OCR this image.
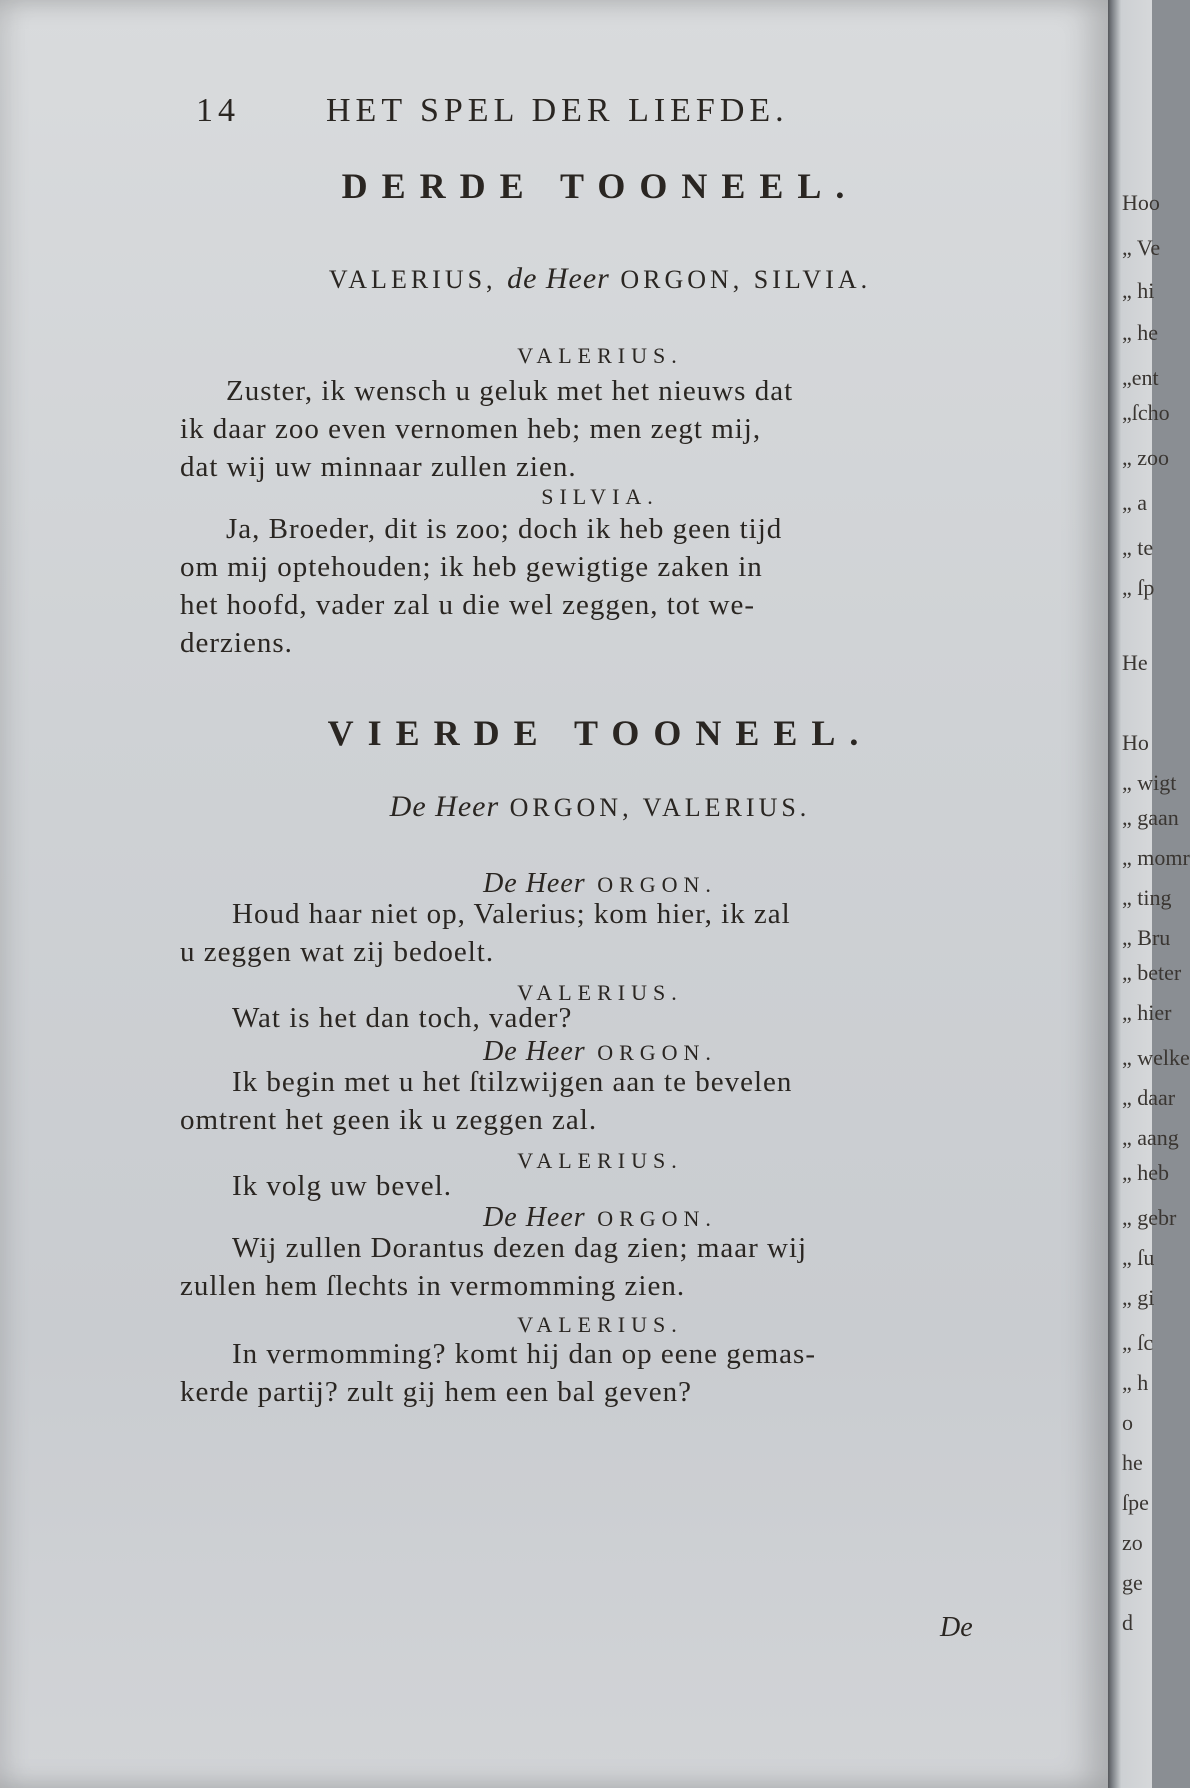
14	HET SPEL DER LIEFDE.
DERDE TOONEEL.
VALERIUS, de Heer ORGON, SILVIA.
VALERIUS.
Zuster, ik wensch u geluk met het nieuws dat
ik daar zoo even vernomen heb; men zegt mij,
dat wij uw minnaar zullen zien.
SILVIA.
Ja, Broeder, dit is zoo; doch ik heb geen tijd
om mij optehouden; ik heb gewigtige zaken in
het hoofd, vader zal u die wel zeggen, tot we-
derziens.
VIERDE TOONEEL.
De Heer ORGON, VALERIUS.
De Heer ORGON.
Houd haar niet op, Valerius; kom hier, ik zal
u zeggen wat zij bedoelt.
VALERIUS.
Wat is het dan toch, vader?
De Heer ORGON.
Ik begin met u het ſtilzwijgen aan te bevelen
omtrent het geen ik u zeggen zal.
VALERIUS.
Ik volg uw bevel.
De Heer ORGON.
Wij zullen Dorantus dezen dag zien; maar wij
zullen hem ſlechts in vermomming zien.
VALERIUS.
In vermomming? komt hij dan op eene gemas-
kerde partij? zult gij hem een bal geven?
De
Hoo
„ Ve
„ hi
„ he
„ent
„ſcho
„ zoo
„ a
„ te
„ ſp
He
Ho
„ wigt
„ gaan
„ momr
„ ting
„ Bru
„ beter
„ hier
„ welke
„ daar
„ aang
„ heb
„ gebr
„ ſu
„ gi
„ ſc
„ h
o
he
ſpe
zo
ge
d
